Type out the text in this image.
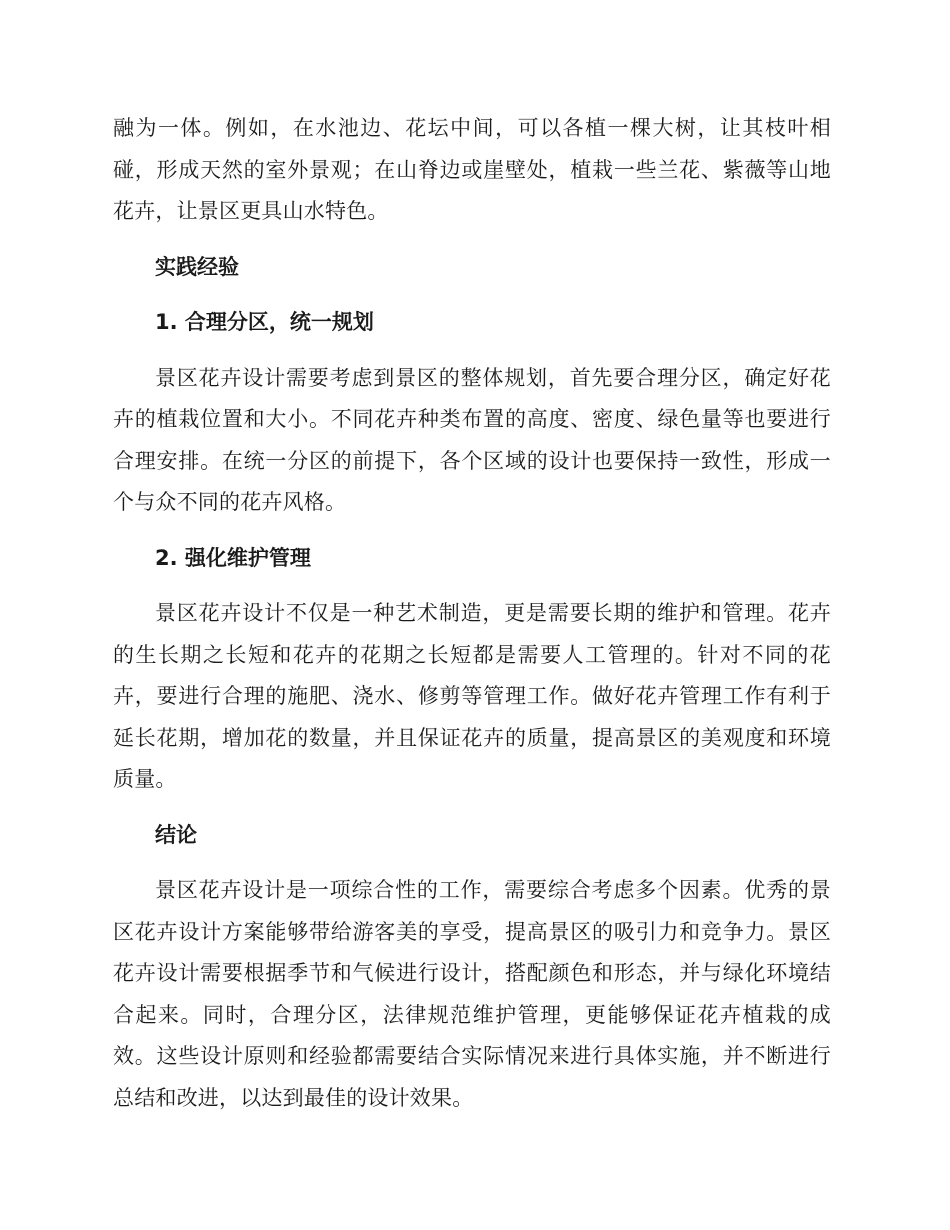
融为一体。例如，在水池边、花坛中间，可以各植一棵大树，让其枝叶相碰，形成天然的室外景观；在山脊边或崖壁处，植栽一些兰花、紫薇等山地花卉，让景区更具山水特色。

实践经验
1. 合理分区，统一规划

景区花卉设计需要考虑到景区的整体规划，首先要合理分区，确定好花卉的植栽位置和大小。不同花卉种类布置的高度、密度、绿色量等也要进行合理安排。在统一分区的前提下，各个区域的设计也要保持一致性，形成一个与众不同的花卉风格。

2. 强化维护管理

景区花卉设计不仅是一种艺术制造，更是需要长期的维护和管理。花卉的生长期之长短和花卉的花期之长短都是需要人工管理的。针对不同的花卉，要进行合理的施肥、浇水、修剪等管理工作。做好花卉管理工作有利于延长花期，增加花的数量，并且保证花卉的质量，提高景区的美观度和环境质量。

结论

景区花卉设计是一项综合性的工作，需要综合考虑多个因素。优秀的景区花卉设计方案能够带给游客美的享受，提高景区的吸引力和竞争力。景区花卉设计需要根据季节和气候进行设计，搭配颜色和形态，并与绿化环境结合起来。同时，合理分区，法律规范维护管理，更能够保证花卉植栽的成效。这些设计原则和经验都需要结合实际情况来进行具体实施，并不断进行总结和改进，以达到最佳的设计效果。
